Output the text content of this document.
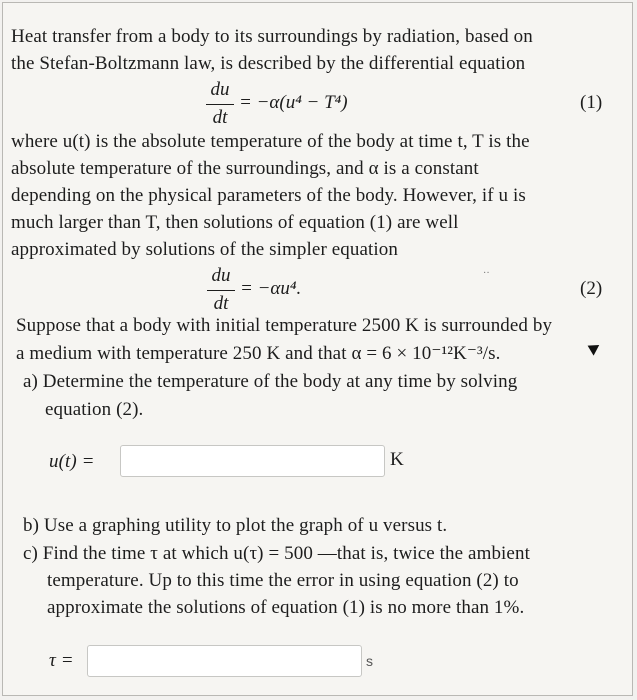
Heat transfer from a body to its surroundings by radiation, based on
the Stefan-Boltzmann law, is described by the differential equation
du
dt
= −α(u⁴ − T⁴)	(1)
where u(t) is the absolute temperature of the body at time t, T is the
absolute temperature of the surroundings, and α is a constant
depending on the physical parameters of the body. However, if u is
much larger than T, then solutions of equation (1) are well
approximated by solutions of the simpler equation
du
dt
= −αu⁴.	(2)
··
Suppose that a body with initial temperature 2500 K is surrounded by
a medium with temperature 250 K and that α = 6 × 10⁻¹²K⁻³/s.
a) Determine the temperature of the body at any time by solving
equation (2).
u(t) =	K
b) Use a graphing utility to plot the graph of u versus t.
c) Find the time τ at which u(τ) = 500 —that is, twice the ambient
temperature. Up to this time the error in using equation (2) to
approximate the solutions of equation (1) is no more than 1%.
τ =	s
